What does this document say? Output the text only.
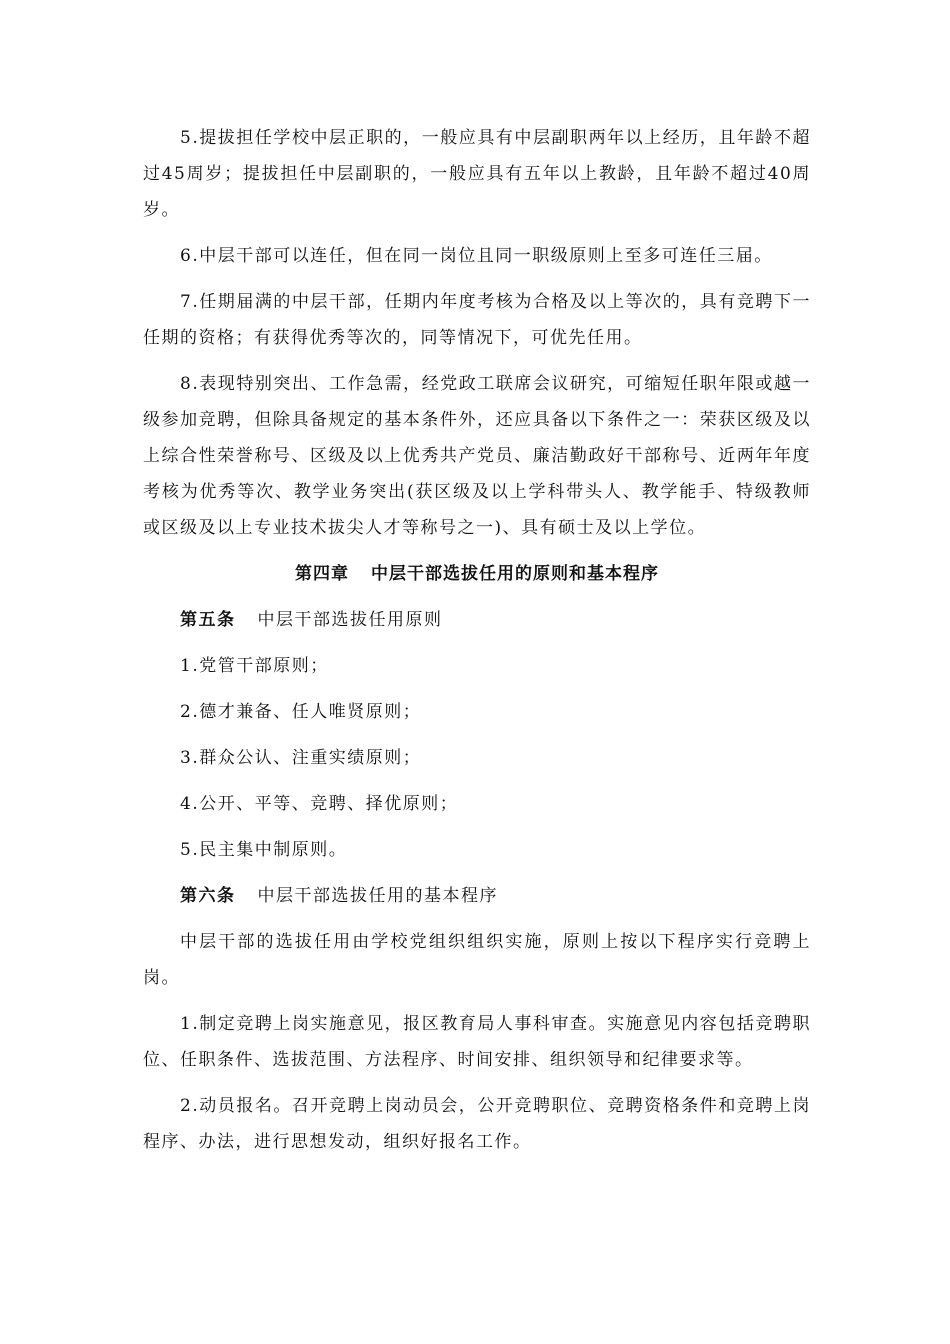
5.提拔担任学校中层正职的，一般应具有中层副职两年以上经历，且年龄不超过45周岁；提拔担任中层副职的，一般应具有五年以上教龄，且年龄不超过40周岁。

6.中层干部可以连任，但在同一岗位且同一职级原则上至多可连任三届。

7.任期届满的中层干部，任期内年度考核为合格及以上等次的，具有竞聘下一任期的资格；有获得优秀等次的，同等情况下，可优先任用。

8.表现特别突出、工作急需，经党政工联席会议研究，可缩短任职年限或越一级参加竞聘，但除具备规定的基本条件外，还应具备以下条件之一：荣获区级及以上综合性荣誉称号、区级及以上优秀共产党员、廉洁勤政好干部称号、近两年年度考核为优秀等次、教学业务突出(获区级及以上学科带头人、教学能手、特级教师或区级及以上专业技术拔尖人才等称号之一)、具有硕士及以上学位。

第四章 中层干部选拔任用的原则和基本程序

第五条 中层干部选拔任用原则

1.党管干部原则；

2.德才兼备、任人唯贤原则；

3.群众公认、注重实绩原则；

4.公开、平等、竞聘、择优原则；

5.民主集中制原则。

第六条 中层干部选拔任用的基本程序

中层干部的选拔任用由学校党组织组织实施，原则上按以下程序实行竞聘上岗。

1.制定竞聘上岗实施意见，报区教育局人事科审查。实施意见内容包括竞聘职位、任职条件、选拔范围、方法程序、时间安排、组织领导和纪律要求等。

2.动员报名。召开竞聘上岗动员会，公开竞聘职位、竞聘资格条件和竞聘上岗程序、办法，进行思想发动，组织好报名工作。
